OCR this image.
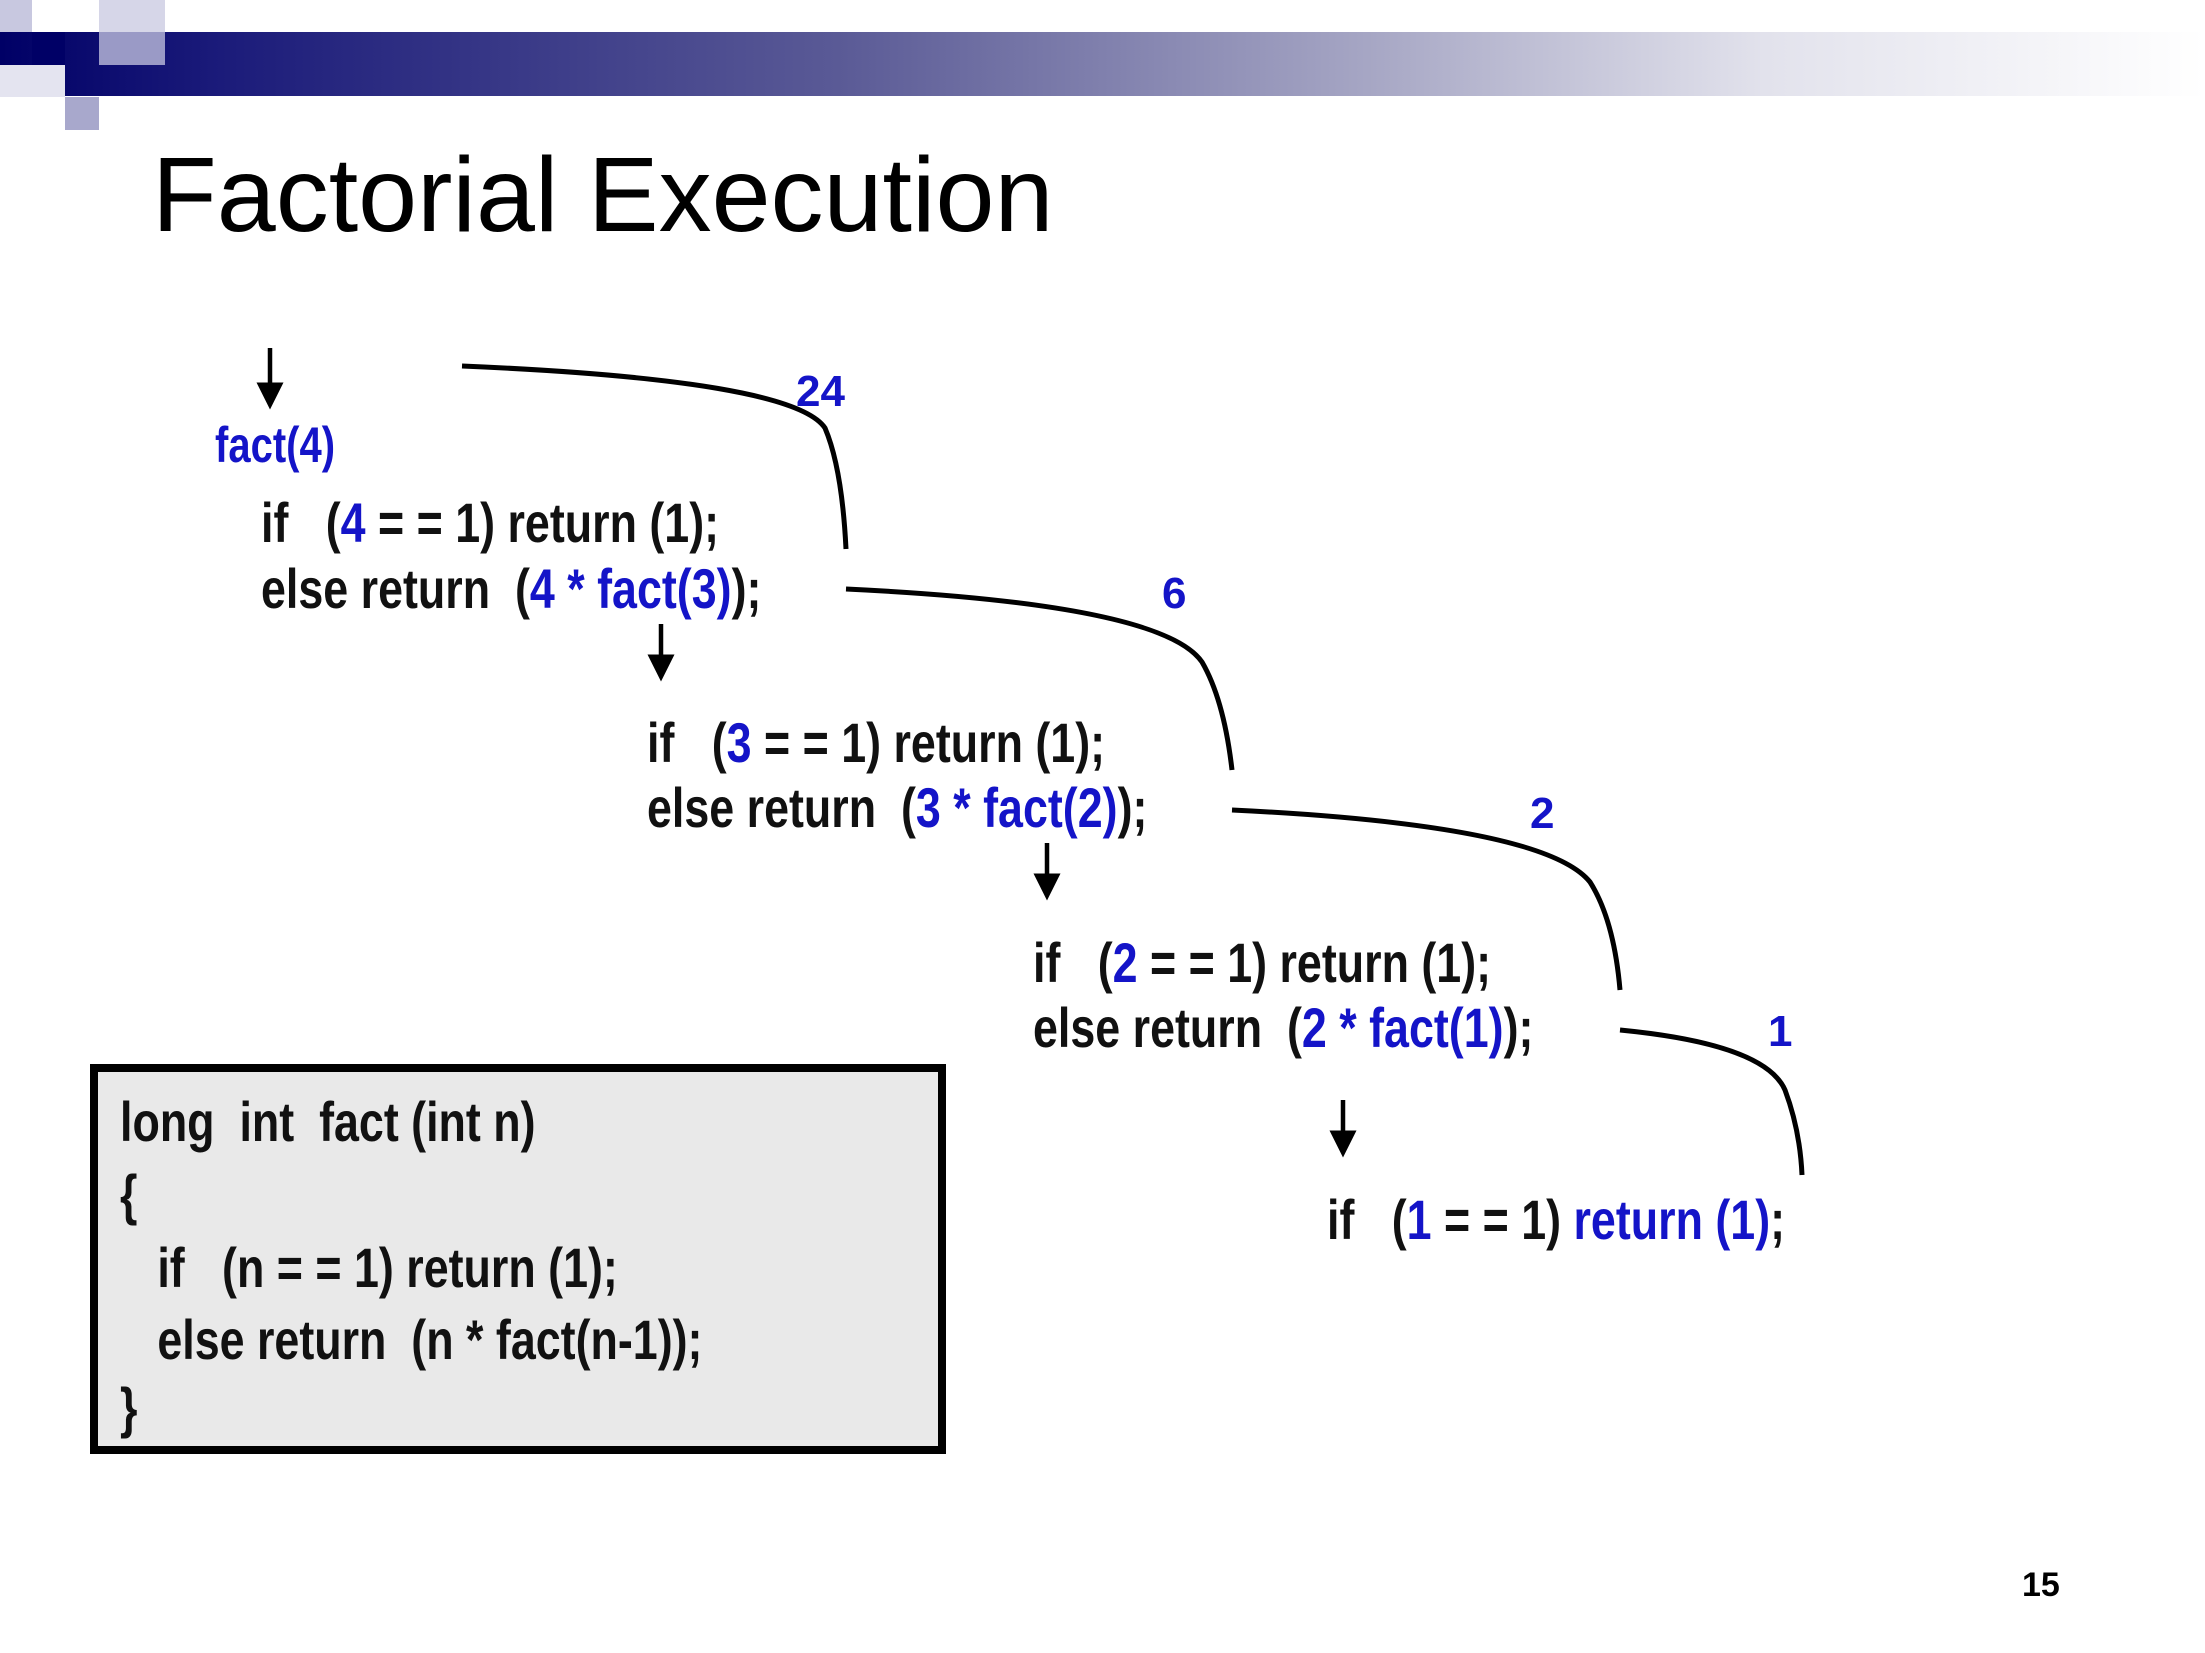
Factorial Execution
24
6
2
1
fact(4)
if   (4 = = 1) return (1);
else return  (4 * fact(3));
if   (3 = = 1) return (1);
else return  (3 * fact(2));
if   (2 = = 1) return (1);
else return  (2 * fact(1));
if   (1 = = 1) return (1);
long  int  fact (int n)
{
if   (n = = 1) return (1);
else return  (n * fact(n-1));
}
15
